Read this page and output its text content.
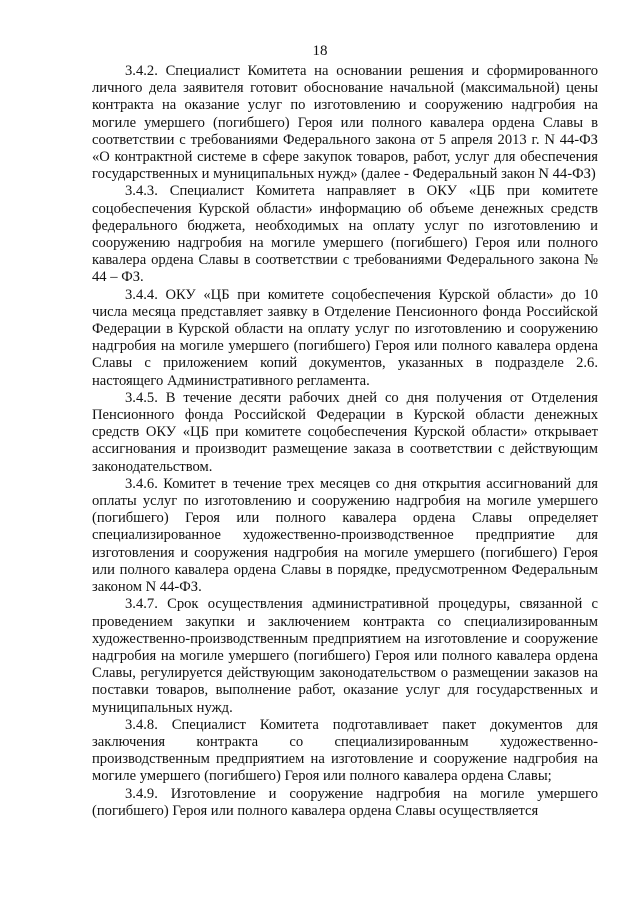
18

3.4.2. Специалист Комитета на основании решения и сформированного личного дела заявителя готовит обоснование начальной (максимальной) цены контракта на оказание услуг по изготовлению и сооружению надгробия на могиле умершего (погибшего) Героя или полного кавалера ордена Славы в соответствии с требованиями Федерального закона от 5 апреля 2013 г. N 44-ФЗ «О контрактной системе в сфере закупок товаров, работ, услуг для обеспечения государственных и муниципальных нужд» (далее - Федеральный закон N 44-ФЗ)

3.4.3. Специалист Комитета направляет в ОКУ «ЦБ при комитете соцобеспечения Курской области» информацию об объеме денежных средств федерального бюджета, необходимых на оплату услуг по изготовлению и сооружению надгробия на могиле умершего (погибшего) Героя или полного кавалера ордена Славы в соответствии с требованиями Федерального закона № 44 – ФЗ.

3.4.4. ОКУ «ЦБ при комитете соцобеспечения Курской области» до 10 числа месяца представляет заявку в Отделение Пенсионного фонда Российской Федерации в Курской области на оплату услуг по изготовлению и сооружению надгробия на могиле умершего (погибшего) Героя или полного кавалера ордена Славы с приложением копий документов, указанных в подразделе 2.6. настоящего Административного регламента.

3.4.5. В течение десяти рабочих дней со дня получения от Отделения Пенсионного фонда Российской Федерации в Курской области денежных средств ОКУ «ЦБ при комитете соцобеспечения Курской области» открывает ассигнования и производит размещение заказа в соответствии с действующим законодательством.

3.4.6. Комитет в течение трех месяцев со дня открытия ассигнований для оплаты услуг по изготовлению и сооружению надгробия на могиле умершего (погибшего) Героя или полного кавалера ордена Славы определяет специализированное художественно-производственное предприятие для изготовления и сооружения надгробия на могиле умершего (погибшего) Героя или полного кавалера ордена Славы в порядке, предусмотренном Федеральным законом N 44-ФЗ.

3.4.7. Срок осуществления административной процедуры, связанной с проведением закупки и заключением контракта со специализированным художественно-производственным предприятием на изготовление и сооружение надгробия на могиле умершего (погибшего) Героя или полного кавалера ордена Славы, регулируется действующим законодательством о размещении заказов на поставки товаров, выполнение работ, оказание услуг для государственных и муниципальных нужд.

3.4.8. Специалист Комитета подготавливает пакет документов для заключения контракта со специализированным художественно-производственным предприятием на изготовление и сооружение надгробия на могиле умершего (погибшего) Героя или полного кавалера ордена Славы;

3.4.9. Изготовление и сооружение надгробия на могиле умершего (погибшего) Героя или полного кавалера ордена Славы осуществляется
